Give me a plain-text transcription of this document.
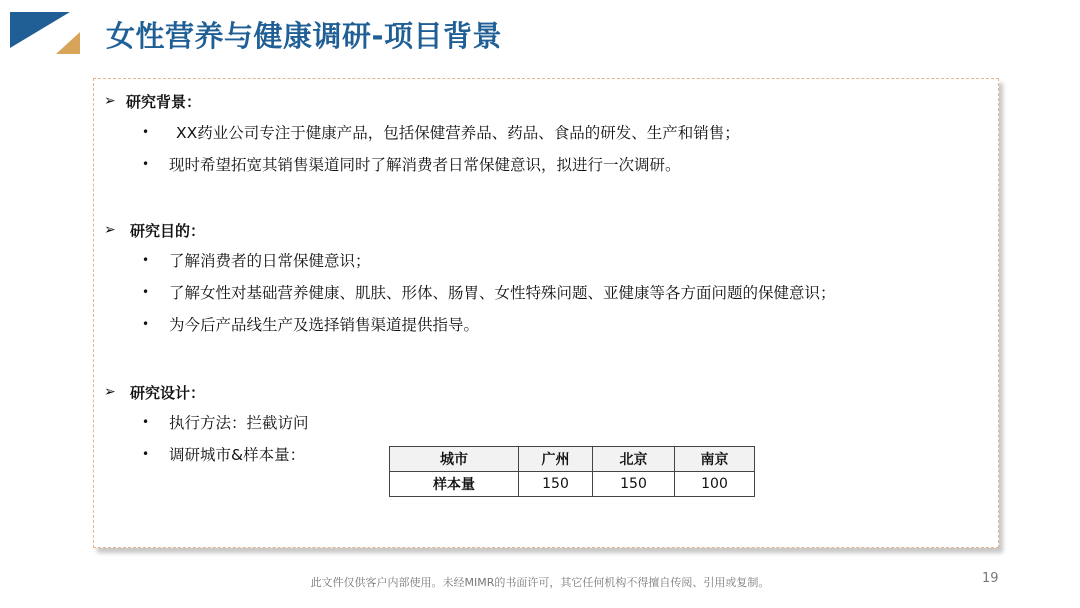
女性营养与健康调研-项目背景
➢ 研究背景：
•	XX药业公司专注于健康产品，包括保健营养品、药品、食品的研发、生产和销售；
•	现时希望拓宽其销售渠道同时了解消费者日常保健意识，拟进行一次调研。
➢ 研究目的：
•	了解消费者的日常保健意识；
•	了解女性对基础营养健康、肌肤、形体、肠胃、女性特殊问题、亚健康等各方面问题的保健意识；
•	为今后产品线生产及选择销售渠道提供指导。
➢ 研究设计：
•	执行方法：拦截访问
•	调研城市&样本量：	城市	广州	北京	南京
样本量	150	150	100
此文件仅供客户内部使用。未经MIMR的书面许可，其它任何机构不得擅自传阅、引用或复制。	19
